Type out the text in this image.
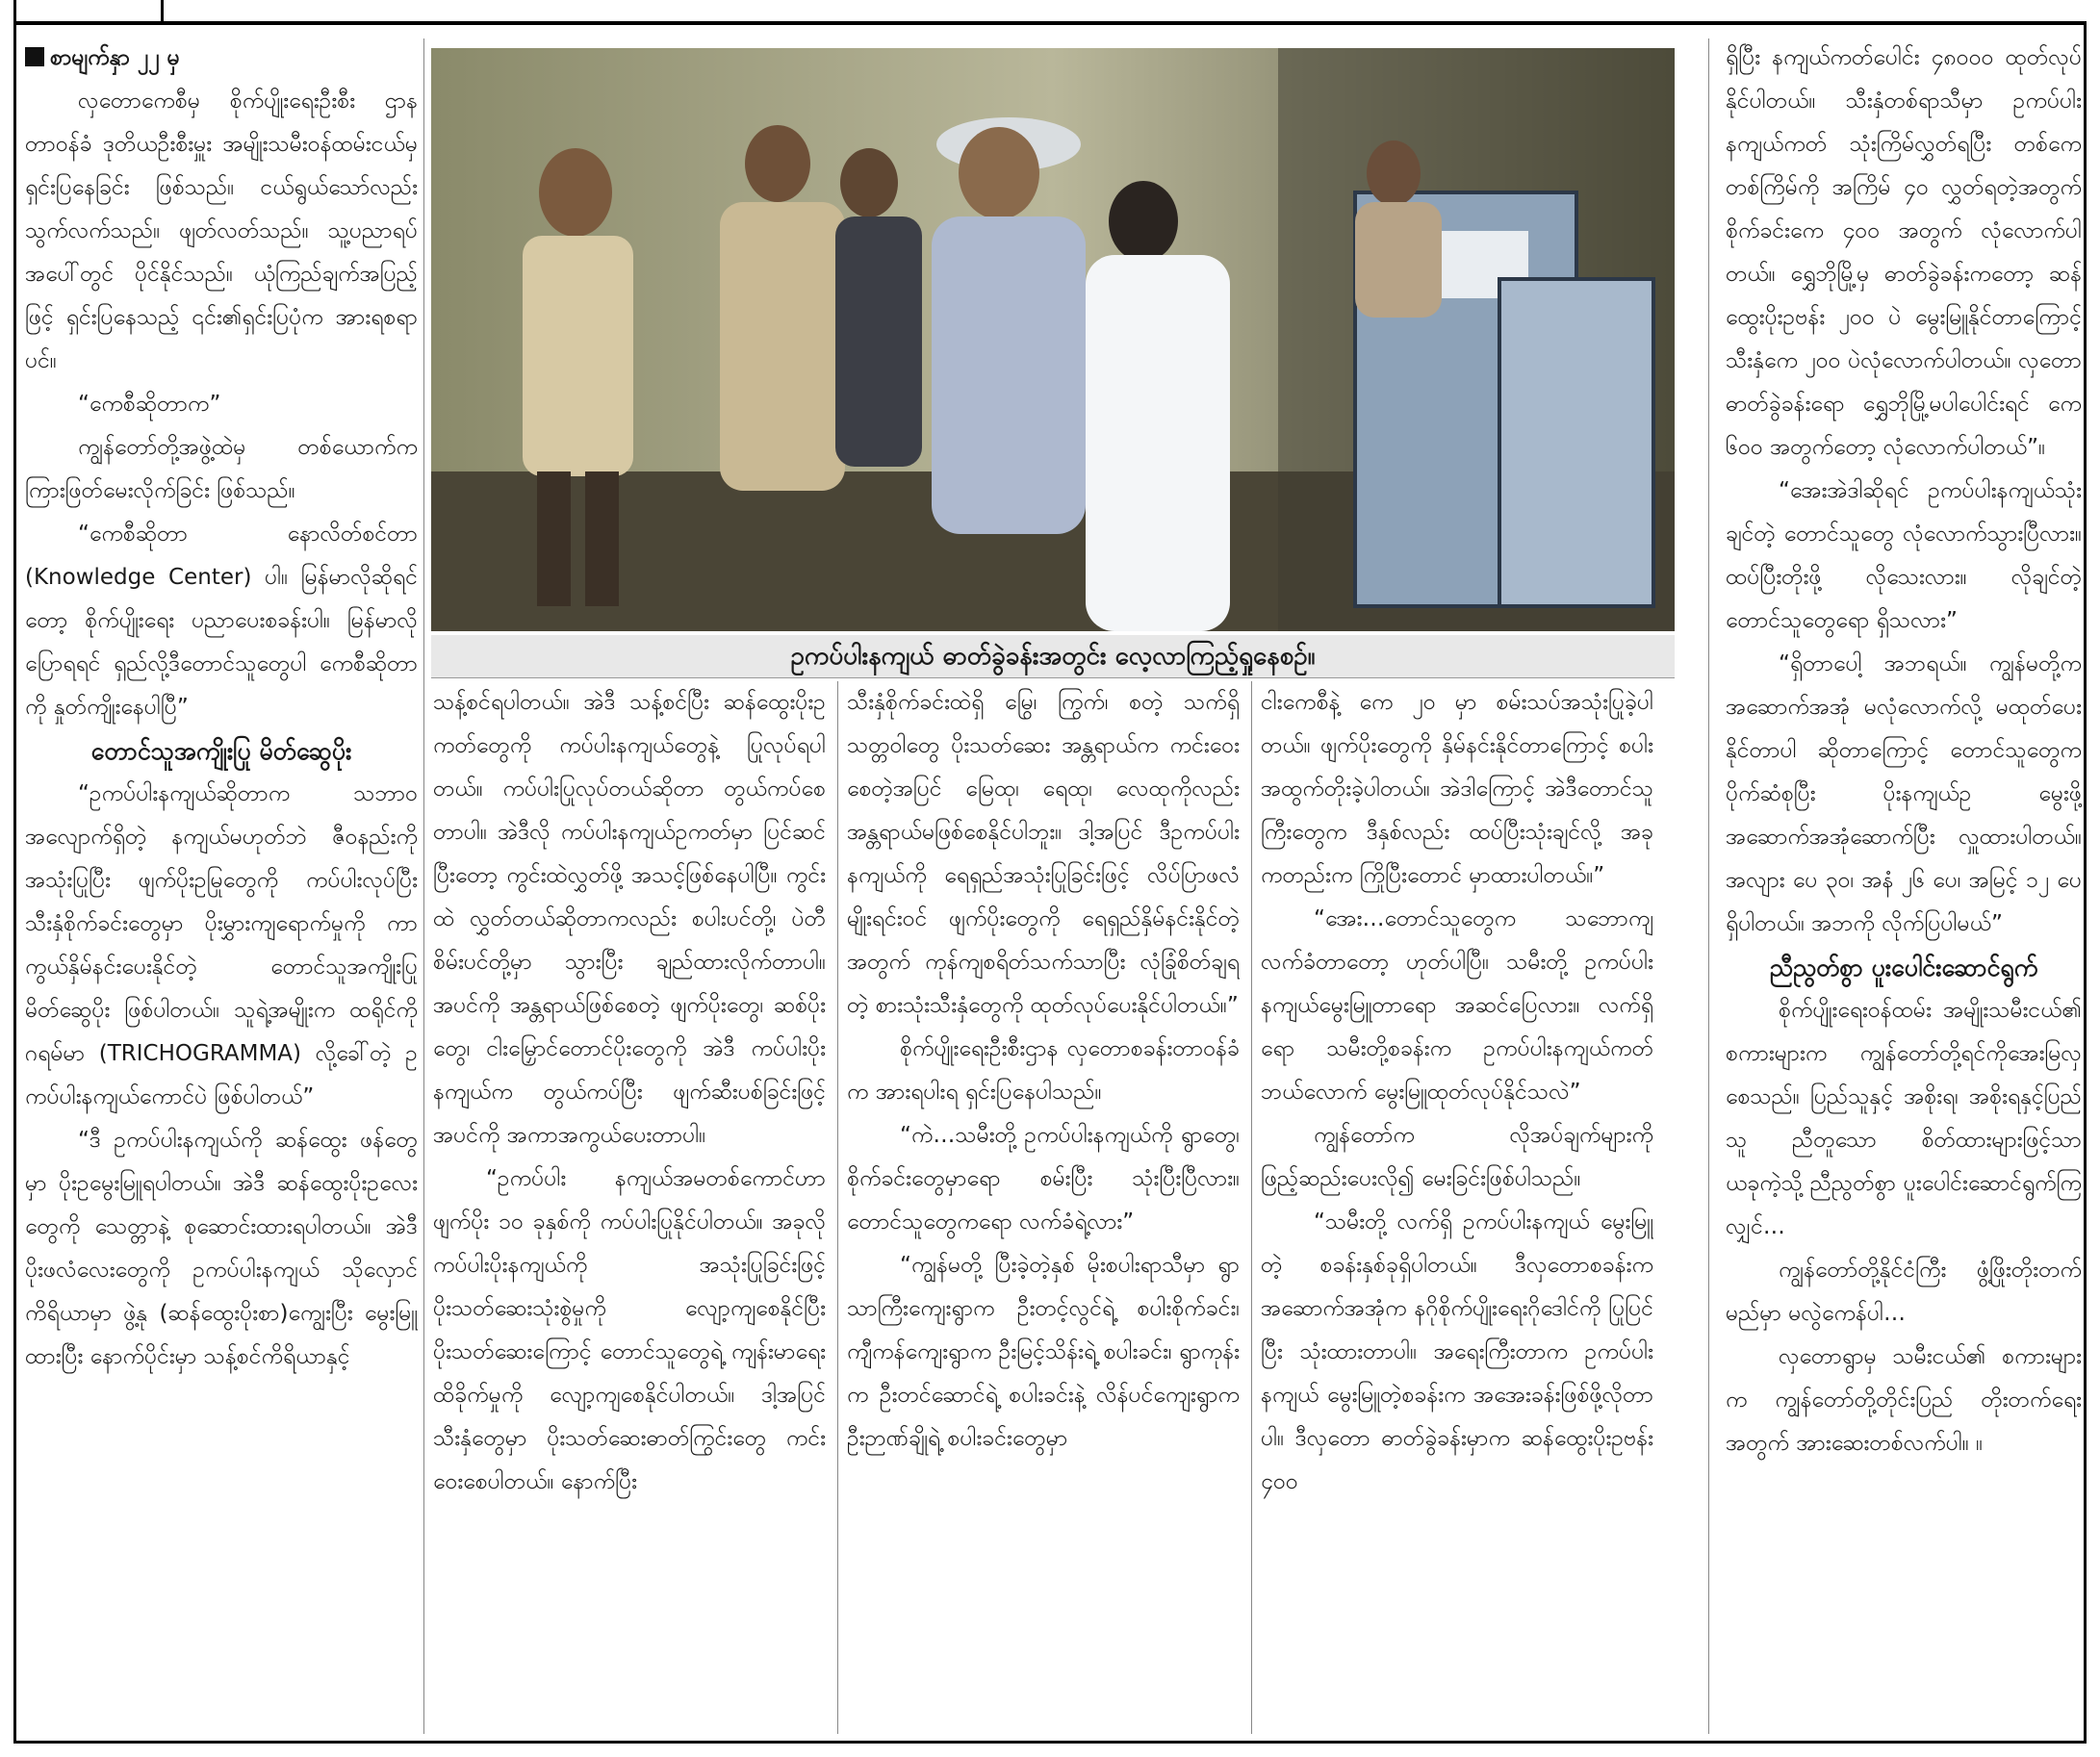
စာမျက်နှာ ၂၂ မှ

လှတောကေစီမှ စိုက်ပျိုးရေးဦးစီး ဌာန တာဝန်ခံ ဒုတိယဦးစီးမှူး အမျိုးသမီးဝန်ထမ်းငယ်မှ ရှင်းပြနေခြင်း ဖြစ်သည်။ ငယ်ရွယ်သော်လည်း သွက်လက်သည်။ ဖျတ်လတ်သည်။ သူ့ပညာရပ်အပေါ်တွင် ပိုင်နိုင်သည်။ ယုံကြည်ချက်အပြည့်ဖြင့် ရှင်းပြနေသည့် ၎င်း၏ရှင်းပြပုံက အားရစရာပင်။

“ကေစီဆိုတာက”

ကျွန်တော်တို့အဖွဲ့ထဲမှ တစ်ယောက်က ကြားဖြတ်မေးလိုက်ခြင်း ဖြစ်သည်။

“ကေစီဆိုတာ နောလိတ်စင်တာ (Knowledge Center) ပါ။ မြန်မာလိုဆိုရင်တော့ စိုက်ပျိုးရေး ပညာပေးစခန်းပါ။ မြန်မာလိုပြောရရင် ရှည်လို့ဒီတောင်သူတွေပါ ကေစီဆိုတာကို နှုတ်ကျိုးနေပါပြီ”

တောင်သူအကျိုးပြု မိတ်ဆွေပိုး

“ဥကပ်ပါးနကျယ်ဆိုတာက သဘာဝအလျောက်ရှိတဲ့ နကျယ်မဟုတ်ဘဲ ဇီဝနည်းကို အသုံးပြုပြီး ဖျက်ပိုးဥမြုတွေကို ကပ်ပါးလုပ်ပြီး သီးနှံစိုက်ခင်းတွေမှာ ပိုးမွှားကျရောက်မှုကို ကာကွယ်နှိမ်နင်းပေးနိုင်တဲ့ တောင်သူအကျိုးပြု မိတ်ဆွေပိုး ဖြစ်ပါတယ်။ သူရဲ့အမျိုးက ထရိုင်ကို ဂရမ်မာ (TRICHOGRAMMA) လို့ခေါ်တဲ့ ဥကပ်ပါးနကျယ်ကောင်ပဲ ဖြစ်ပါတယ်”

“ဒီ ဥကပ်ပါးနကျယ်ကို ဆန်ထွေး ဖန်တွေမှာ ပိုးဥမွေးမြူရပါတယ်။ အဲဒီ ဆန်ထွေးပိုးဥလေးတွေကို သေတ္တာနဲ့ စုဆောင်းထားရပါတယ်။ အဲဒီ ပိုးဖလံလေးတွေကို ဥကပ်ပါးနကျယ် သိုလှောင်ကိရိယာမှာ ဖွဲ့နု (ဆန်ထွေးပိုးစာ)ကျွေးပြီး မွေးမြူထားပြီး နောက်ပိုင်းမှာ သန့်စင်ကိရိယာနှင့်

ဥကပ်ပါးနကျယ် ဓာတ်ခွဲခန်းအတွင်း လေ့လာကြည့်ရှုနေစဉ်။

သန့်စင်ရပါတယ်။ အဲဒီ သန့်စင်ပြီး ဆန်ထွေးပိုးဥကတ်တွေကို ကပ်ပါးနကျယ်တွေနဲ့ ပြုလုပ်ရပါတယ်။ ကပ်ပါးပြုလုပ်တယ်ဆိုတာ တွယ်ကပ်စေတာပါ။ အဲဒီလို ကပ်ပါးနကျယ်ဥကတ်မှာ ပြင်ဆင်ပြီးတော့ ကွင်းထဲလွှတ်ဖို့ အသင့်ဖြစ်နေပါပြီ။ ကွင်းထဲ လွှတ်တယ်ဆိုတာကလည်း စပါးပင်တို့၊ ပဲတီစိမ်းပင်တို့မှာ သွားပြီး ချည်ထားလိုက်တာပါ။ အပင်ကို အန္တရာယ်ဖြစ်စေတဲ့ ဖျက်ပိုးတွေ၊ ဆစ်ပိုးတွေ၊ ငါးမြှောင်တောင်ပိုးတွေကို အဲဒီ ကပ်ပါးပိုးနကျယ်က တွယ်ကပ်ပြီး ဖျက်ဆီးပစ်ခြင်းဖြင့် အပင်ကို အကာအကွယ်ပေးတာပါ။

“ဥကပ်ပါး နကျယ်အမတစ်ကောင်ဟာ ဖျက်ပိုး ၁၀ ခုနှစ်ကို ကပ်ပါးပြုနိုင်ပါတယ်။ အခုလို ကပ်ပါးပိုးနကျယ်ကို အသုံးပြုခြင်းဖြင့် ပိုးသတ်ဆေးသုံးစွဲမှုကို လျော့ကျစေနိုင်ပြီး ပိုးသတ်ဆေးကြောင့် တောင်သူတွေရဲ့ ကျန်းမာရေးထိခိုက်မှုကို လျော့ကျစေနိုင်ပါတယ်။ ဒါ့အပြင် သီးနှံတွေမှာ ပိုးသတ်ဆေးဓာတ်ကြွင်းတွေ ကင်းဝေးစေပါတယ်။ နောက်ပြီး

သီးနှံစိုက်ခင်းထဲရှိ မြွေ၊ ကြွက်၊ စတဲ့ သက်ရှိသတ္တဝါတွေ ပိုးသတ်ဆေး အန္တရာယ်က ကင်းဝေးစေတဲ့အပြင် မြေထု၊ ရေထု၊ လေထုကိုလည်း အန္တရာယ်မဖြစ်စေနိုင်ပါဘူး။ ဒါ့အပြင် ဒီဥကပ်ပါးနကျယ်ကို ရေရှည်အသုံးပြုခြင်းဖြင့် လိပ်ပြာဖလံမျိုးရင်းဝင် ဖျက်ပိုးတွေကို ရေရှည်နှိမ်နင်းနိုင်တဲ့အတွက် ကုန်ကျစရိတ်သက်သာပြီး လုံခြုံစိတ်ချရတဲ့ စားသုံးသီးနှံတွေကို ထုတ်လုပ်ပေးနိုင်ပါတယ်။”

စိုက်ပျိုးရေးဦးစီးဌာန လှတောစခန်းတာဝန်ခံက အားရပါးရ ရှင်းပြနေပါသည်။

“ကဲ…သမီးတို့ ဥကပ်ပါးနကျယ်ကို ရွာတွေ၊ စိုက်ခင်းတွေမှာရော စမ်းပြီး သုံးပြီးပြီလား။ တောင်သူတွေကရော လက်ခံရဲ့လား”

“ကျွန်မတို့ ပြီးခဲ့တဲ့နှစ် မိုးစပါးရာသီမှာ ရွာသာကြီးကျေးရွာက ဦးတင့်လွင်ရဲ့ စပါးစိုက်ခင်း၊ ကျီကန်ကျေးရွာက ဦးမြင့်သိန်းရဲ့ စပါးခင်း၊ ရွာကုန်းက ဦးတင်ဆောင်ရဲ့ စပါးခင်းနဲ့ လိန်ပင်ကျေးရွာက ဦးဉာဏ်ချိုရဲ့ စပါးခင်းတွေမှာ

ငါးကေစီနဲ့ ကေ ၂၀ မှာ စမ်းသပ်အသုံးပြုခဲ့ပါတယ်။ ဖျက်ပိုးတွေကို နှိမ်နင်းနိုင်တာကြောင့် စပါးအထွက်တိုးခဲ့ပါတယ်။ အဲဒါကြောင့် အဲဒီတောင်သူကြီးတွေက ဒီနှစ်လည်း ထပ်ပြီးသုံးချင်လို့ အခုကတည်းက ကြိုပြီးတောင် မှာထားပါတယ်။”

“အေး…တောင်သူတွေက သဘောကျလက်ခံတာတော့ ဟုတ်ပါပြီ။ သမီးတို့ ဥကပ်ပါးနကျယ်မွေးမြူတာရော အဆင်ပြေလား။ လက်ရှိရော သမီးတို့စခန်းက ဥကပ်ပါးနကျယ်ကတ် ဘယ်လောက် မွေးမြူထုတ်လုပ်နိုင်သလဲ”

ကျွန်တော်က လိုအပ်ချက်များကို ဖြည့်ဆည်းပေးလို၍ မေးခြင်းဖြစ်ပါသည်။

“သမီးတို့ လက်ရှိ ဥကပ်ပါးနကျယ် မွေးမြူတဲ့ စခန်းနှစ်ခုရှိပါတယ်။ ဒီလှတောစခန်းက အဆောက်အအုံက နဂိုစိုက်ပျိုးရေးဂိုဒေါင်ကို ပြုပြင်ပြီး သုံးထားတာပါ။ အရေးကြီးတာက ဥကပ်ပါးနကျယ် မွေးမြူတဲ့စခန်းက အအေးခန်းဖြစ်ဖို့လိုတာပါ။ ဒီလှတော ဓာတ်ခွဲခန်းမှာက ဆန်ထွေးပိုးဥဗန်း ၄၀၀

ရှိပြီး နကျယ်ကတ်ပေါင်း ၄၈၀၀၀ ထုတ်လုပ်နိုင်ပါတယ်။ သီးနှံတစ်ရာသီမှာ ဥကပ်ပါး နကျယ်ကတ် သုံးကြိမ်လွှတ်ရပြီး တစ်ကေ တစ်ကြိမ်ကို အကြိမ် ၄၀ လွှတ်ရတဲ့အတွက် စိုက်ခင်းကေ ၄၀၀ အတွက် လုံလောက်ပါတယ်။ ရွှေဘိုမြို့မှ ဓာတ်ခွဲခန်းကတော့ ဆန်ထွေးပိုးဥဗန်း ၂၀၀ ပဲ မွေးမြူနိုင်တာကြောင့် သီးနှံကေ ၂၀၀ ပဲလုံလောက်ပါတယ်။ လှတောဓာတ်ခွဲခန်းရော ရွှေဘိုမြို့မပါပေါင်းရင် ကေ ၆၀၀ အတွက်တော့ လုံလောက်ပါတယ်”။

“အေးအဲဒါဆိုရင် ဥကပ်ပါးနကျယ်သုံးချင်တဲ့ တောင်သူတွေ လုံလောက်သွားပြီလား။ ထပ်ပြီးတိုးဖို့ လိုသေးလား။ လိုချင်တဲ့ တောင်သူတွေရော ရှိသလား”

“ရှိတာပေါ့ အဘရယ်။ ကျွန်မတို့က အဆောက်အအုံ မလုံလောက်လို့ မထုတ်ပေးနိုင်တာပါ ဆိုတာကြောင့် တောင်သူတွေက ပိုက်ဆံစုပြီး ပိုးနကျယ်ဥ မွေးဖို့ အဆောက်အအုံဆောက်ပြီး လှူထားပါတယ်။ အလျား ပေ ၃၀၊ အနံ ၂၆ ပေ၊ အမြင့် ၁၂ ပေ ရှိပါတယ်။ အဘကို လိုက်ပြပါမယ်”

ညီညွတ်စွာ ပူးပေါင်းဆောင်ရွက်

စိုက်ပျိုးရေးဝန်ထမ်း အမျိုးသမီးငယ်၏ စကားများက ကျွန်တော်တို့ရင်ကိုအေးမြလှစေသည်။ ပြည်သူနှင့် အစိုးရ၊ အစိုးရနှင့်ပြည်သူ ညီတူသော စိတ်ထားများဖြင့်သာ ယခုကဲ့သို့ ညီညွတ်စွာ ပူးပေါင်းဆောင်ရွက်ကြလျှင်…

ကျွန်တော်တို့နိုင်ငံကြီး ဖွံ့ဖြိုးတိုးတက်မည်မှာ မလွဲကေန်ပါ…

လှတောရွာမှ သမီးငယ်၏ စကားများက ကျွန်တော်တို့တိုင်းပြည် တိုးတက်ရေးအတွက် အားဆေးတစ်လက်ပါ။ ။
